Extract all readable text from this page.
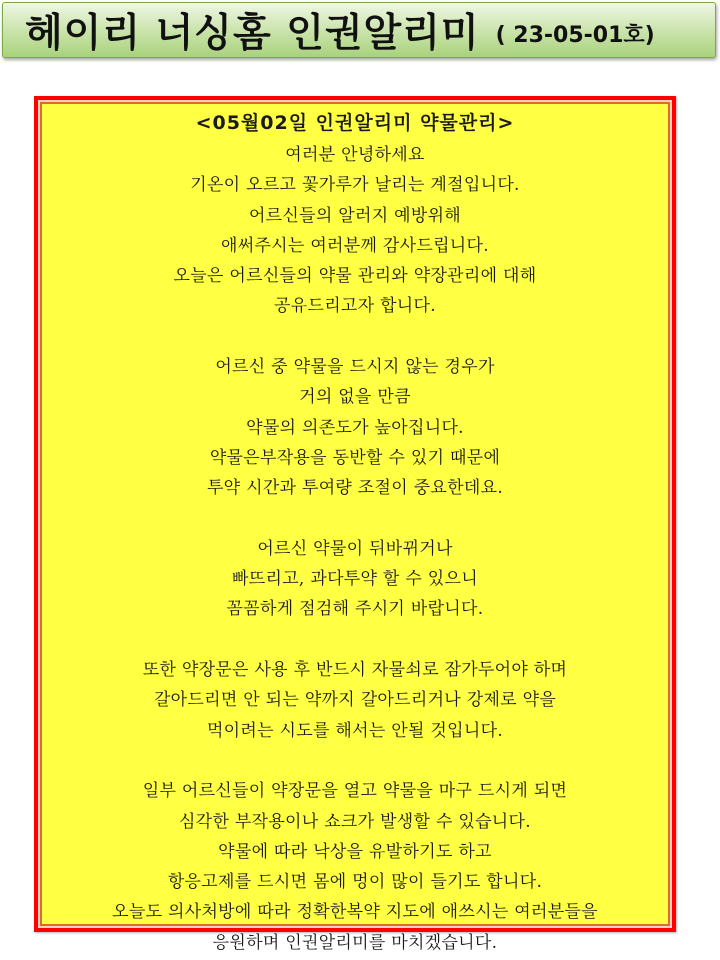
헤이리 너싱홈 인권알리미 ( 23-05-01호)
<05월02일 인권알리미 약물관리>
여러분 안녕하세요
기온이 오르고 꽃가루가 날리는 계절입니다.
어르신들의 알러지 예방위해
애써주시는 여러분께 감사드립니다.
오늘은 어르신들의 약물 관리와 약장관리에 대해
공유드리고자 합니다.
어르신 중 약물을 드시지 않는 경우가
거의 없을 만큼
약물의 의존도가 높아집니다.
약물은부작용을 동반할 수 있기 때문에
투약 시간과 투여량 조절이 중요한데요.
어르신 약물이 뒤바뀌거나
빠뜨리고, 과다투약 할 수 있으니
꼼꼼하게 점검해 주시기 바랍니다.
또한 약장문은 사용 후 반드시 자물쇠로 잠가두어야 하며
갈아드리면 안 되는 약까지 갈아드리거나 강제로 약을
먹이려는 시도를 해서는 안될 것입니다.
일부 어르신들이 약장문을 열고 약물을 마구 드시게 되면
심각한 부작용이나 쇼크가 발생할 수 있습니다.
약물에 따라 낙상을 유발하기도 하고
항응고제를 드시면 몸에 멍이 많이 들기도 합니다.
오늘도 의사처방에 따라 정확한복약 지도에 애쓰시는 여러분들을
응원하며 인권알리미를 마치겠습니다.
